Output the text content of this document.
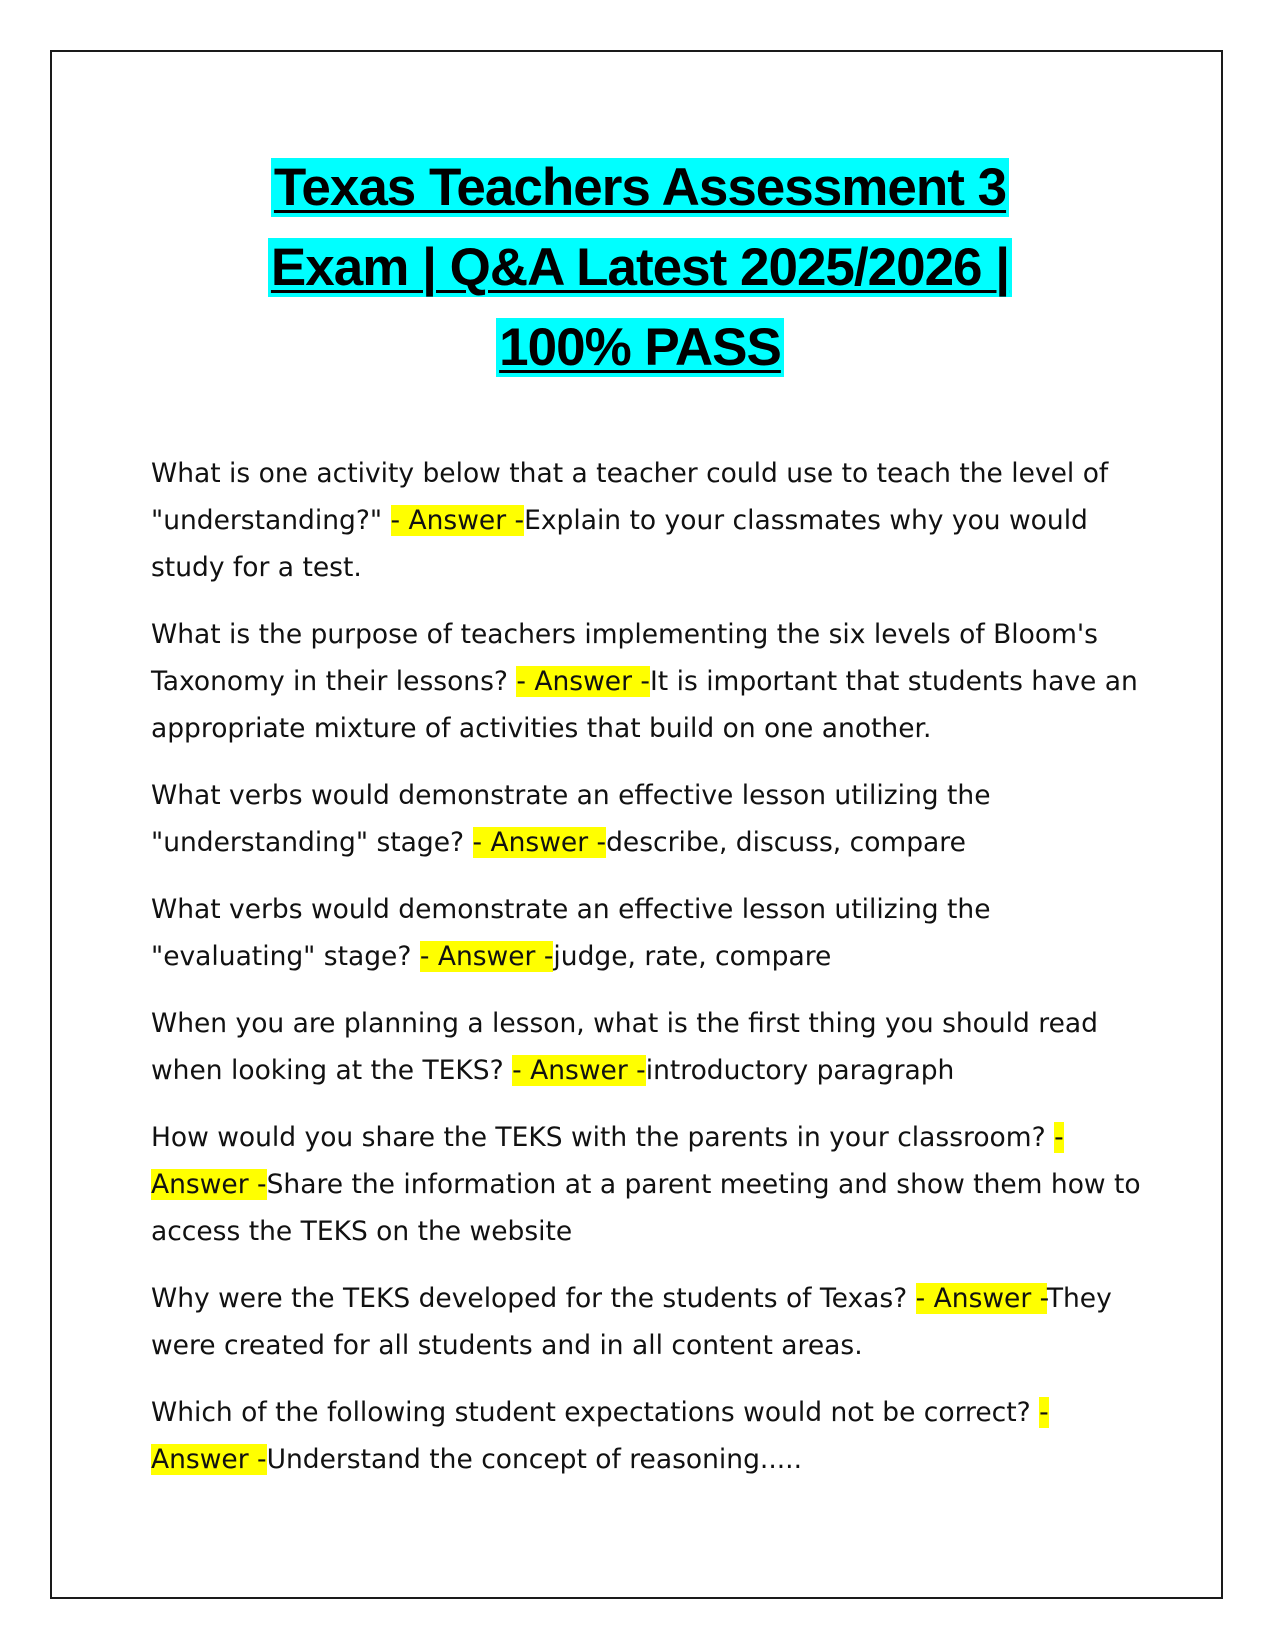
Texas Teachers Assessment 3
Exam | Q&A Latest 2025/2026 |
100% PASS

What is one activity below that a teacher could use to teach the level of "understanding?" - Answer -Explain to your classmates why you would study for a test.

What is the purpose of teachers implementing the six levels of Bloom's Taxonomy in their lessons? - Answer -It is important that students have an appropriate mixture of activities that build on one another.

What verbs would demonstrate an effective lesson utilizing the "understanding" stage? - Answer -describe, discuss, compare

What verbs would demonstrate an effective lesson utilizing the "evaluating" stage? - Answer -judge, rate, compare

When you are planning a lesson, what is the first thing you should read when looking at the TEKS? - Answer -introductory paragraph

How would you share the TEKS with the parents in your classroom? - Answer -Share the information at a parent meeting and show them how to access the TEKS on the website

Why were the TEKS developed for the students of Texas? - Answer -They were created for all students and in all content areas.

Which of the following student expectations would not be correct? - Answer -Understand the concept of reasoning.....
